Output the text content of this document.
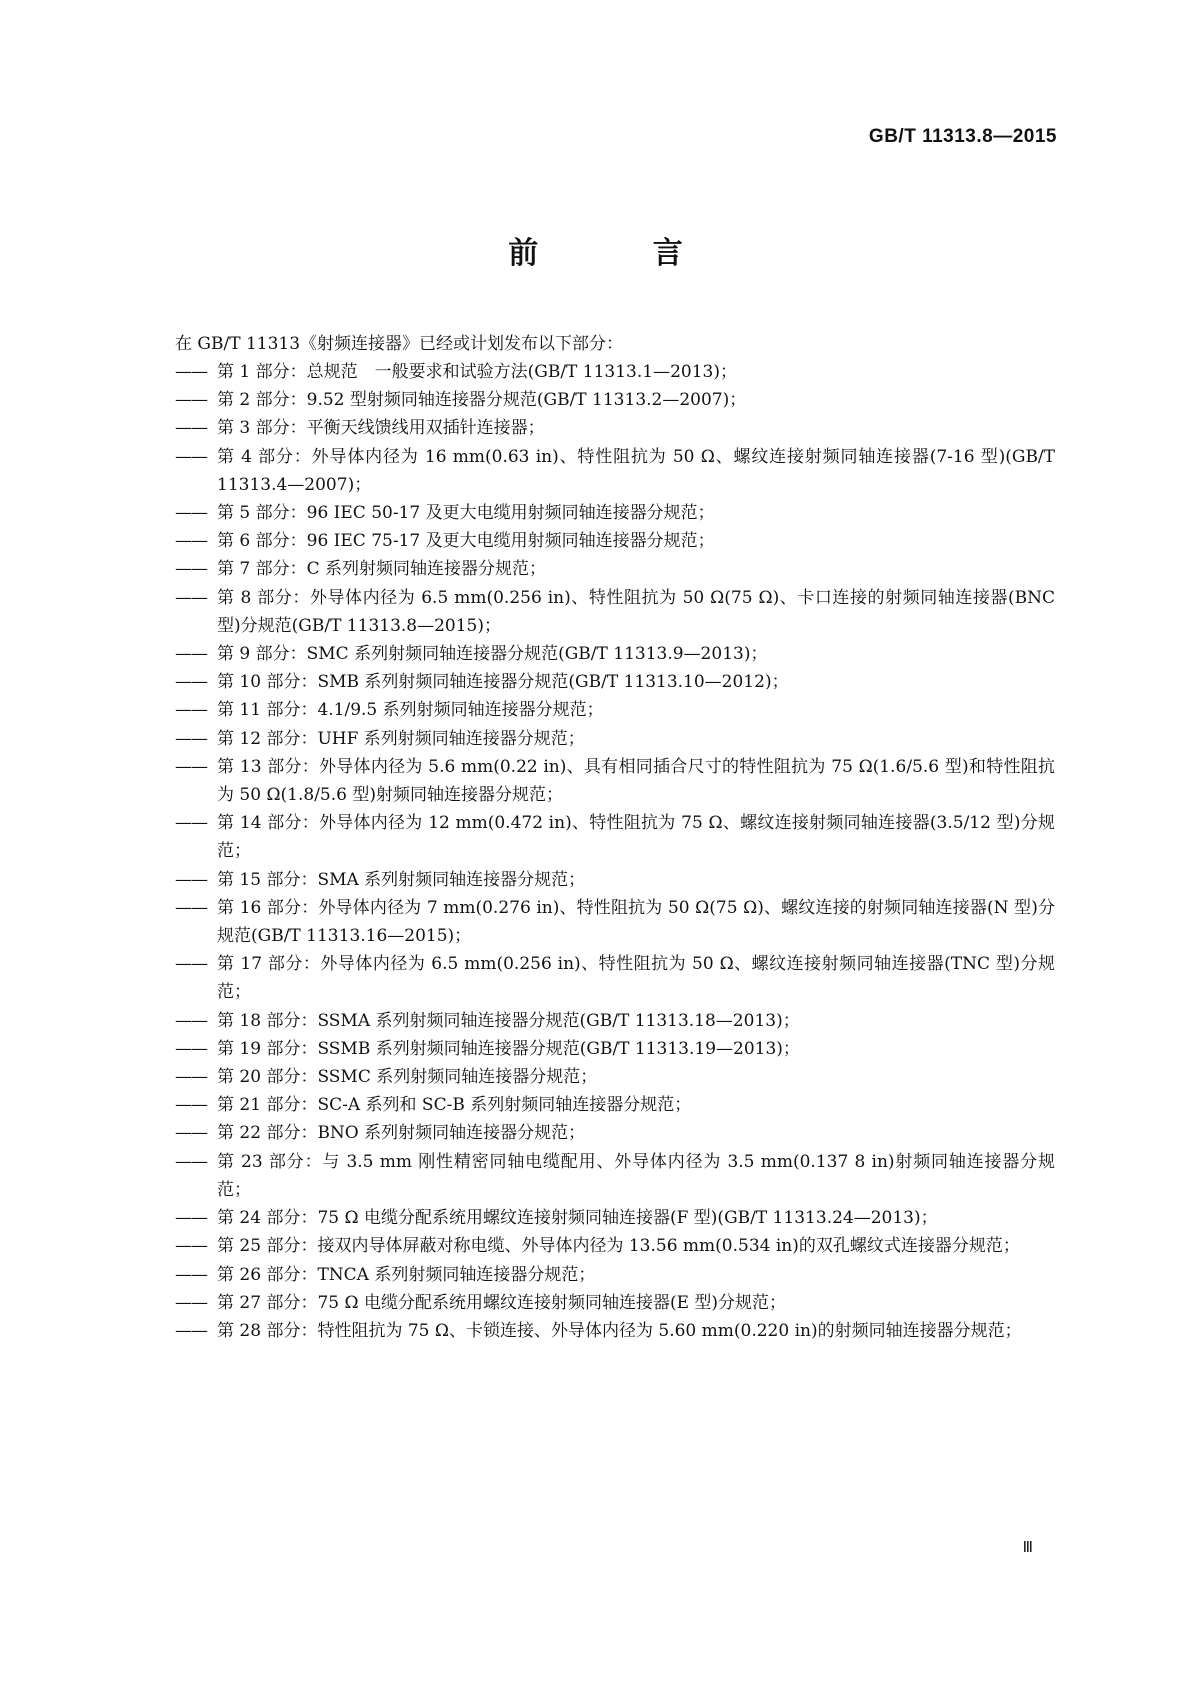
GB/T 11313.8—2015
前 言
在 GB/T 11313《射频连接器》已经或计划发布以下部分：
—— 第 1 部分：总规范　一般要求和试验方法(GB/T 11313.1—2013)；
—— 第 2 部分：9.52 型射频同轴连接器分规范(GB/T 11313.2—2007)；
—— 第 3 部分：平衡天线馈线用双插针连接器；
—— 第 4 部分：外导体内径为 16 mm(0.63 in)、特性阻抗为 50 Ω、螺纹连接射频同轴连接器(7-16 型)(GB/T 11313.4—2007)；
—— 第 5 部分：96 IEC 50-17 及更大电缆用射频同轴连接器分规范；
—— 第 6 部分：96 IEC 75-17 及更大电缆用射频同轴连接器分规范；
—— 第 7 部分：C 系列射频同轴连接器分规范；
—— 第 8 部分：外导体内径为 6.5 mm(0.256 in)、特性阻抗为 50 Ω(75 Ω)、卡口连接的射频同轴连接器(BNC 型)分规范(GB/T 11313.8—2015)；
—— 第 9 部分：SMC 系列射频同轴连接器分规范(GB/T 11313.9—2013)；
—— 第 10 部分：SMB 系列射频同轴连接器分规范(GB/T 11313.10—2012)；
—— 第 11 部分：4.1/9.5 系列射频同轴连接器分规范；
—— 第 12 部分：UHF 系列射频同轴连接器分规范；
—— 第 13 部分：外导体内径为 5.6 mm(0.22 in)、具有相同插合尺寸的特性阻抗为 75 Ω(1.6/5.6 型)和特性阻抗为 50 Ω(1.8/5.6 型)射频同轴连接器分规范；
—— 第 14 部分：外导体内径为 12 mm(0.472 in)、特性阻抗为 75 Ω、螺纹连接射频同轴连接器(3.5/12 型)分规范；
—— 第 15 部分：SMA 系列射频同轴连接器分规范；
—— 第 16 部分：外导体内径为 7 mm(0.276 in)、特性阻抗为 50 Ω(75 Ω)、螺纹连接的射频同轴连接器(N 型)分规范(GB/T 11313.16—2015)；
—— 第 17 部分：外导体内径为 6.5 mm(0.256 in)、特性阻抗为 50 Ω、螺纹连接射频同轴连接器(TNC 型)分规范；
—— 第 18 部分：SSMA 系列射频同轴连接器分规范(GB/T 11313.18—2013)；
—— 第 19 部分：SSMB 系列射频同轴连接器分规范(GB/T 11313.19—2013)；
—— 第 20 部分：SSMC 系列射频同轴连接器分规范；
—— 第 21 部分：SC-A 系列和 SC-B 系列射频同轴连接器分规范；
—— 第 22 部分：BNO 系列射频同轴连接器分规范；
—— 第 23 部分：与 3.5 mm 刚性精密同轴电缆配用、外导体内径为 3.5 mm(0.137 8 in)射频同轴连接器分规范；
—— 第 24 部分：75 Ω 电缆分配系统用螺纹连接射频同轴连接器(F 型)(GB/T 11313.24—2013)；
—— 第 25 部分：接双内导体屏蔽对称电缆、外导体内径为 13.56 mm(0.534 in)的双孔螺纹式连接器分规范；
—— 第 26 部分：TNCA 系列射频同轴连接器分规范；
—— 第 27 部分：75 Ω 电缆分配系统用螺纹连接射频同轴连接器(E 型)分规范；
—— 第 28 部分：特性阻抗为 75 Ω、卡锁连接、外导体内径为 5.60 mm(0.220 in)的射频同轴连接器分规范；
Ⅲ
